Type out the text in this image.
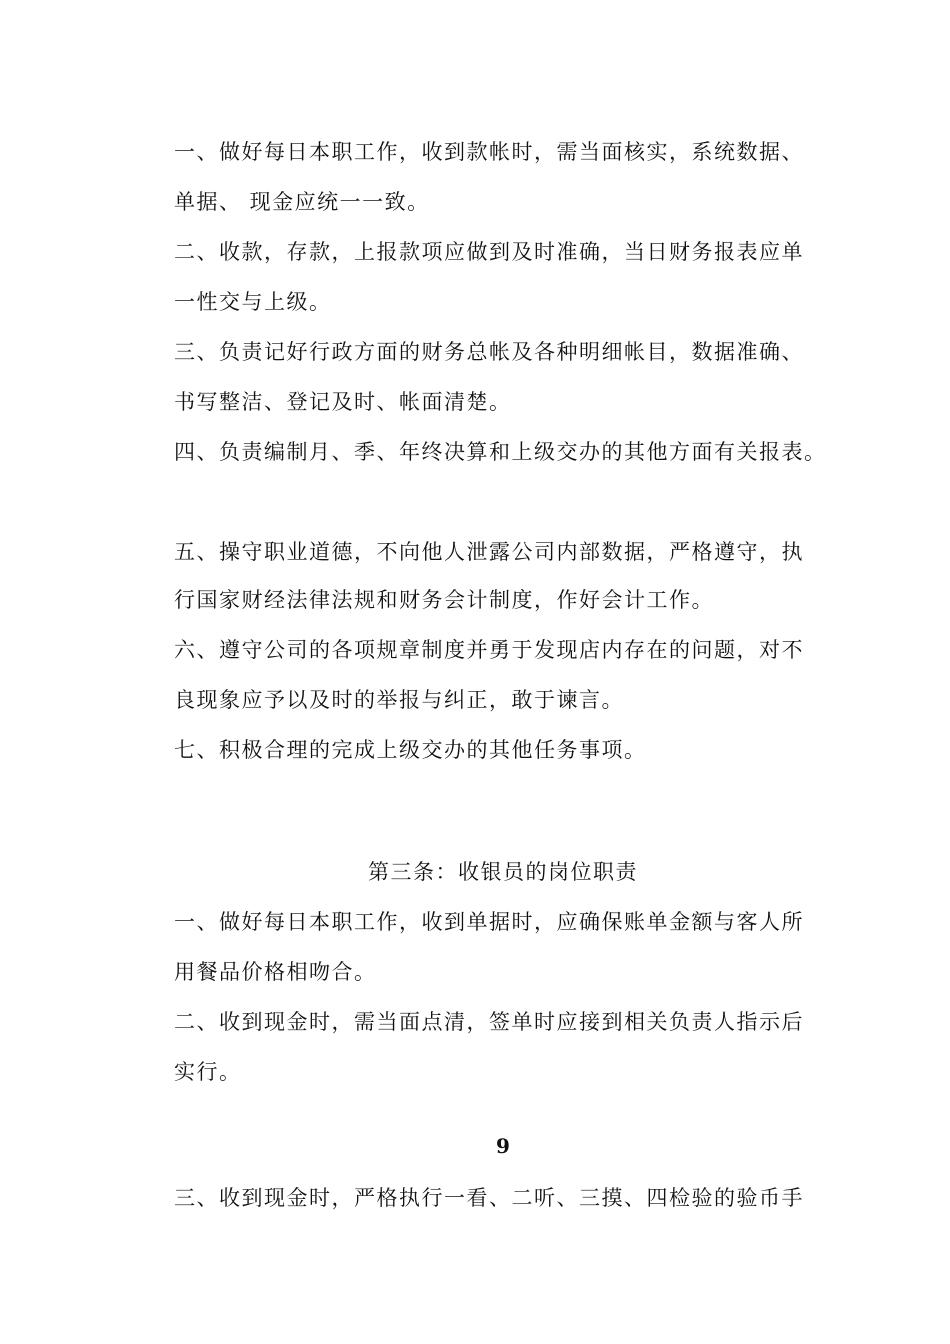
一、做好每日本职工作，收到款帐时，需当面核实，系统数据、
单据、 现金应统一一致。
二、收款，存款，上报款项应做到及时准确，当日财务报表应单
一性交与上级。
三、负责记好行政方面的财务总帐及各种明细帐目，数据准确、
书写整洁、登记及时、帐面清楚。
四、负责编制月、季、年终决算和上级交办的其他方面有关报表。
五、操守职业道德，不向他人泄露公司内部数据，严格遵守，执
行国家财经法律法规和财务会计制度，作好会计工作。
六、遵守公司的各项规章制度并勇于发现店内存在的问题，对不
良现象应予以及时的举报与纠正，敢于谏言。
七、积极合理的完成上级交办的其他任务事项。
第三条：收银员的岗位职责
一、做好每日本职工作，收到单据时，应确保账单金额与客人所
用餐品价格相吻合。
二、收到现金时，需当面点清，签单时应接到相关负责人指示后
实行。
9
三、收到现金时，严格执行一看、二听、三摸、四检验的验币手
